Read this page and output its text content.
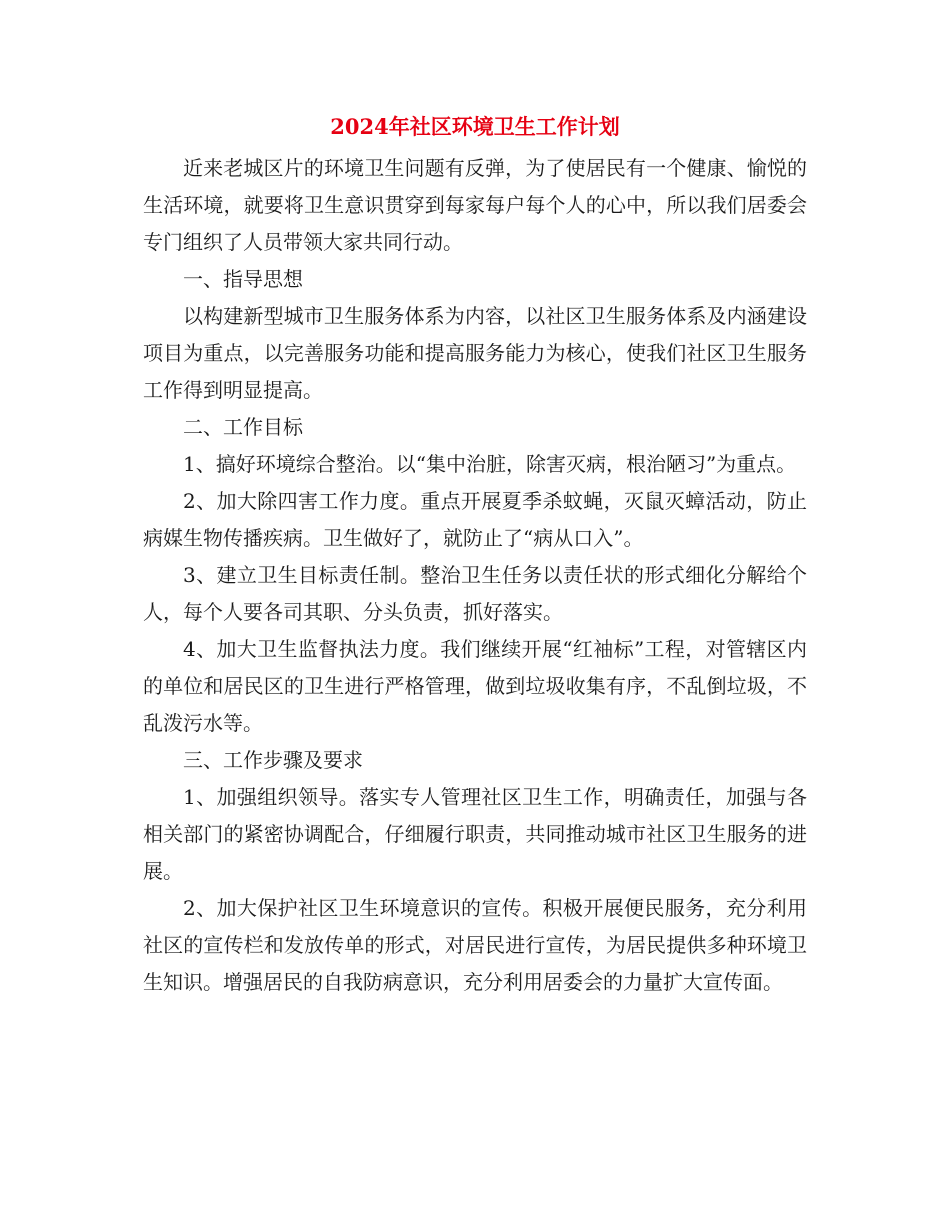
2024年社区环境卫生工作计划

近来老城区片的环境卫生问题有反弹，为了使居民有一个健康、愉悦的生活环境，就要将卫生意识贯穿到每家每户每个人的心中，所以我们居委会专门组织了人员带领大家共同行动。

一、指导思想

以构建新型城市卫生服务体系为内容，以社区卫生服务体系及内涵建设项目为重点，以完善服务功能和提高服务能力为核心，使我们社区卫生服务工作得到明显提高。

二、工作目标

1、搞好环境综合整治。以“集中治脏，除害灭病，根治陋习”为重点。

2、加大除四害工作力度。重点开展夏季杀蚊蝇，灭鼠灭蟑活动，防止病媒生物传播疾病。卫生做好了，就防止了“病从口入”。

3、建立卫生目标责任制。整治卫生任务以责任状的形式细化分解给个人，每个人要各司其职、分头负责，抓好落实。

4、加大卫生监督执法力度。我们继续开展“红袖标”工程，对管辖区内的单位和居民区的卫生进行严格管理，做到垃圾收集有序，不乱倒垃圾，不乱泼污水等。

三、工作步骤及要求

1、加强组织领导。落实专人管理社区卫生工作，明确责任，加强与各相关部门的紧密协调配合，仔细履行职责，共同推动城市社区卫生服务的进展。

2、加大保护社区卫生环境意识的宣传。积极开展便民服务，充分利用社区的宣传栏和发放传单的形式，对居民进行宣传，为居民提供多种环境卫生知识。增强居民的自我防病意识，充分利用居委会的力量扩大宣传面。
